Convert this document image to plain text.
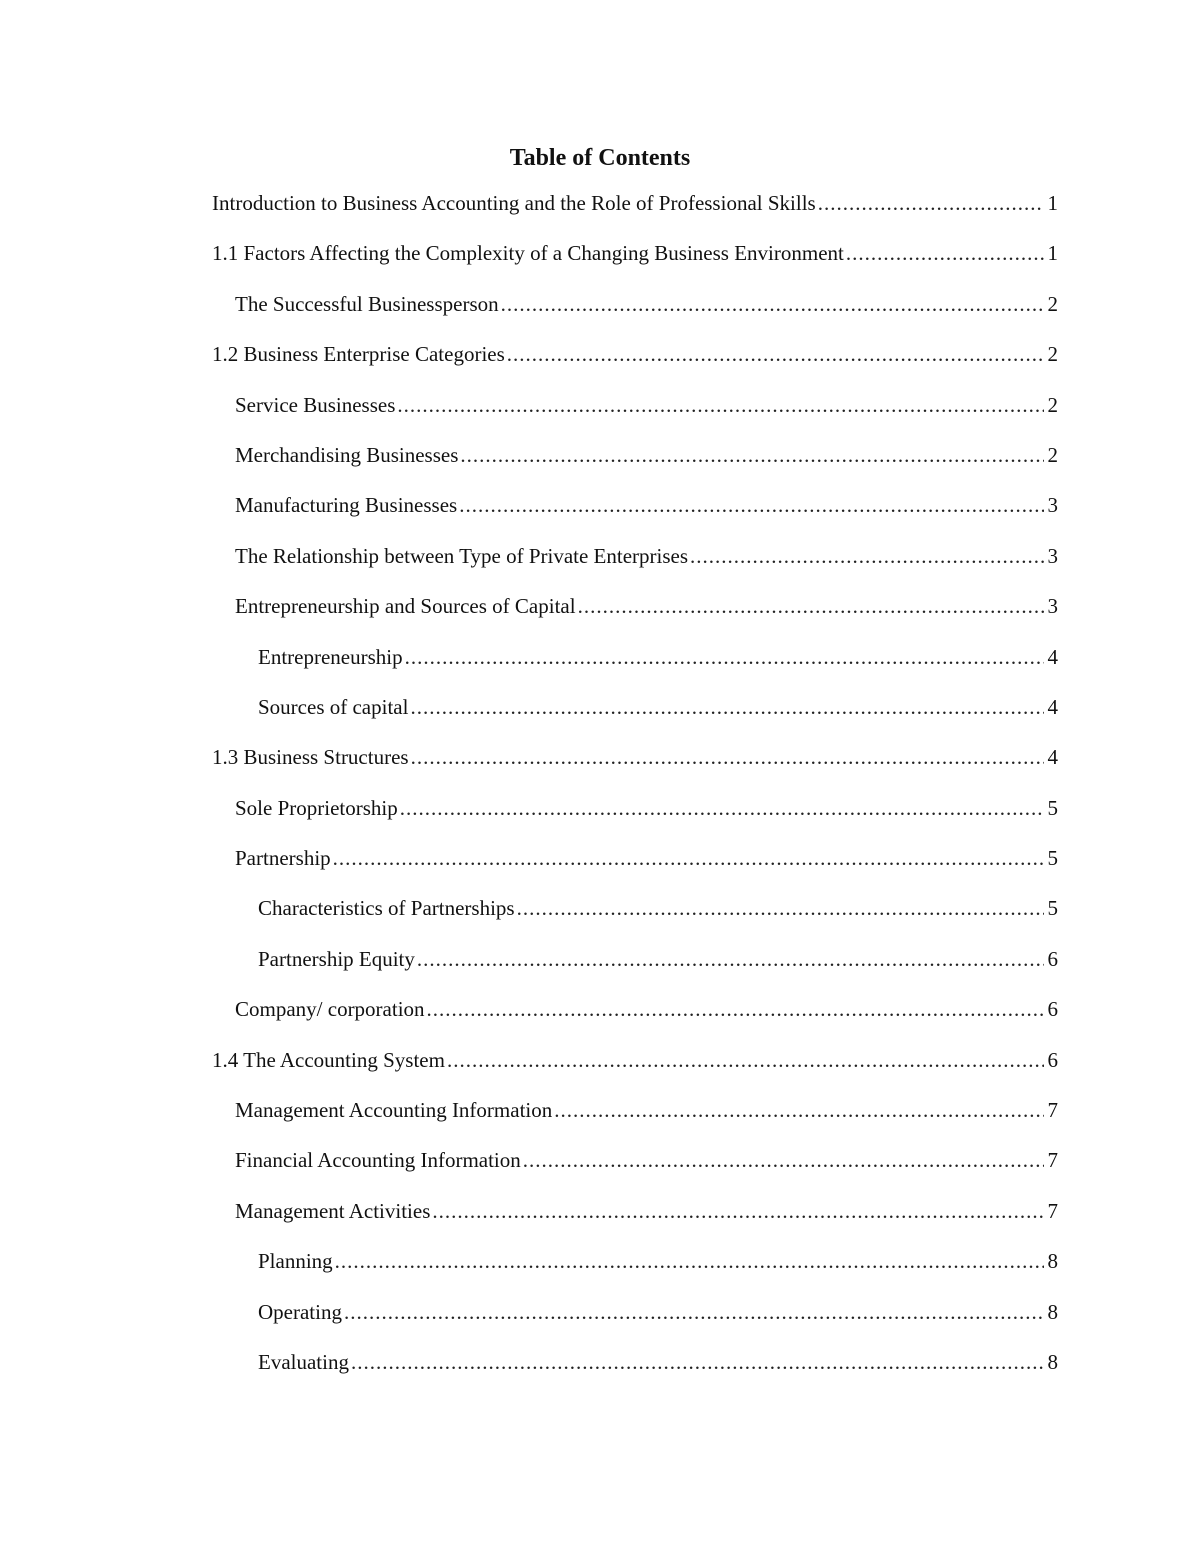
Table of Contents
Introduction to Business Accounting and the Role of Professional Skills .....	1
1.1 Factors Affecting the Complexity of a Changing Business Environment .....	1
The Successful Businessperson .....	2
1.2 Business Enterprise Categories .....	2
Service Businesses .....	2
Merchandising Businesses .....	2
Manufacturing Businesses .....	3
The Relationship between Type of Private Enterprises .....	3
Entrepreneurship and Sources of Capital .....	3
Entrepreneurship .....	4
Sources of capital .....	4
1.3 Business Structures .....	4
Sole Proprietorship .....	5
Partnership .....	5
Characteristics of Partnerships .....	5
Partnership Equity .....	6
Company/ corporation .....	6
1.4 The Accounting System .....	6
Management Accounting Information .....	7
Financial Accounting Information .....	7
Management Activities .....	7
Planning .....	8
Operating .....	8
Evaluating .....	8
